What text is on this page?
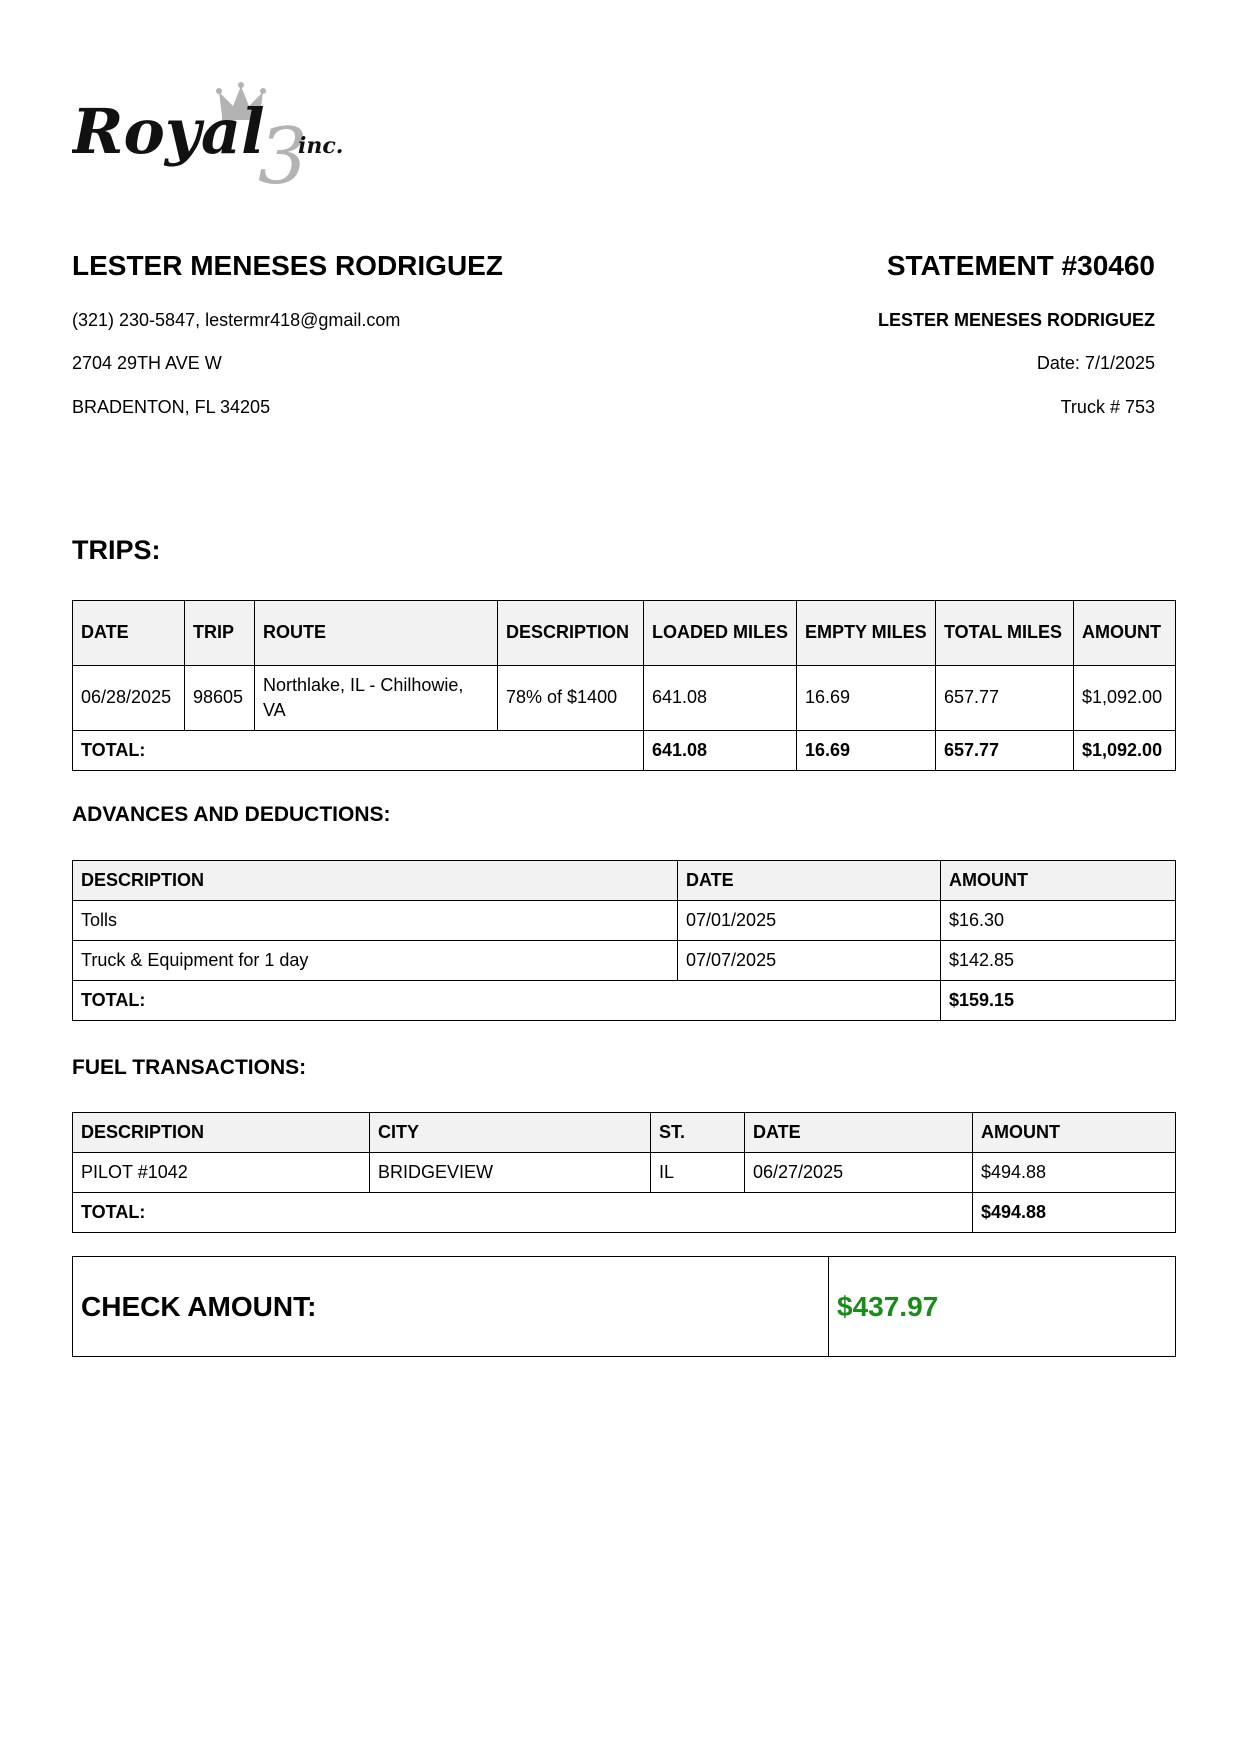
Royal
3
inc.
LESTER MENESES RODRIGUEZ	STATEMENT #30460
(321) 230-5847, lestermr418@gmail.com
2704 29TH AVE W
BRADENTON, FL 34205
LESTER MENESES RODRIGUEZ
Date: 7/1/2025
Truck # 753
TRIPS:
DATE	TRIP	ROUTE	DESCRIPTION	LOADED MILES	EMPTY MILES	TOTAL MILES	AMOUNT
06/28/2025	98605	Northlake, IL - Chilhowie, VA	78% of $1400	641.08	16.69	657.77	$1,092.00
TOTAL:				641.08	16.69	657.77	$1,092.00
ADVANCES AND DEDUCTIONS:
DESCRIPTION	DATE	AMOUNT
Tolls	07/01/2025	$16.30
Truck & Equipment for 1 day	07/07/2025	$142.85
TOTAL:		$159.15
FUEL TRANSACTIONS:
DESCRIPTION	CITY	ST.	DATE	AMOUNT
PILOT #1042	BRIDGEVIEW	IL	06/27/2025	$494.88
TOTAL:				$494.88
CHECK AMOUNT:	$437.97
